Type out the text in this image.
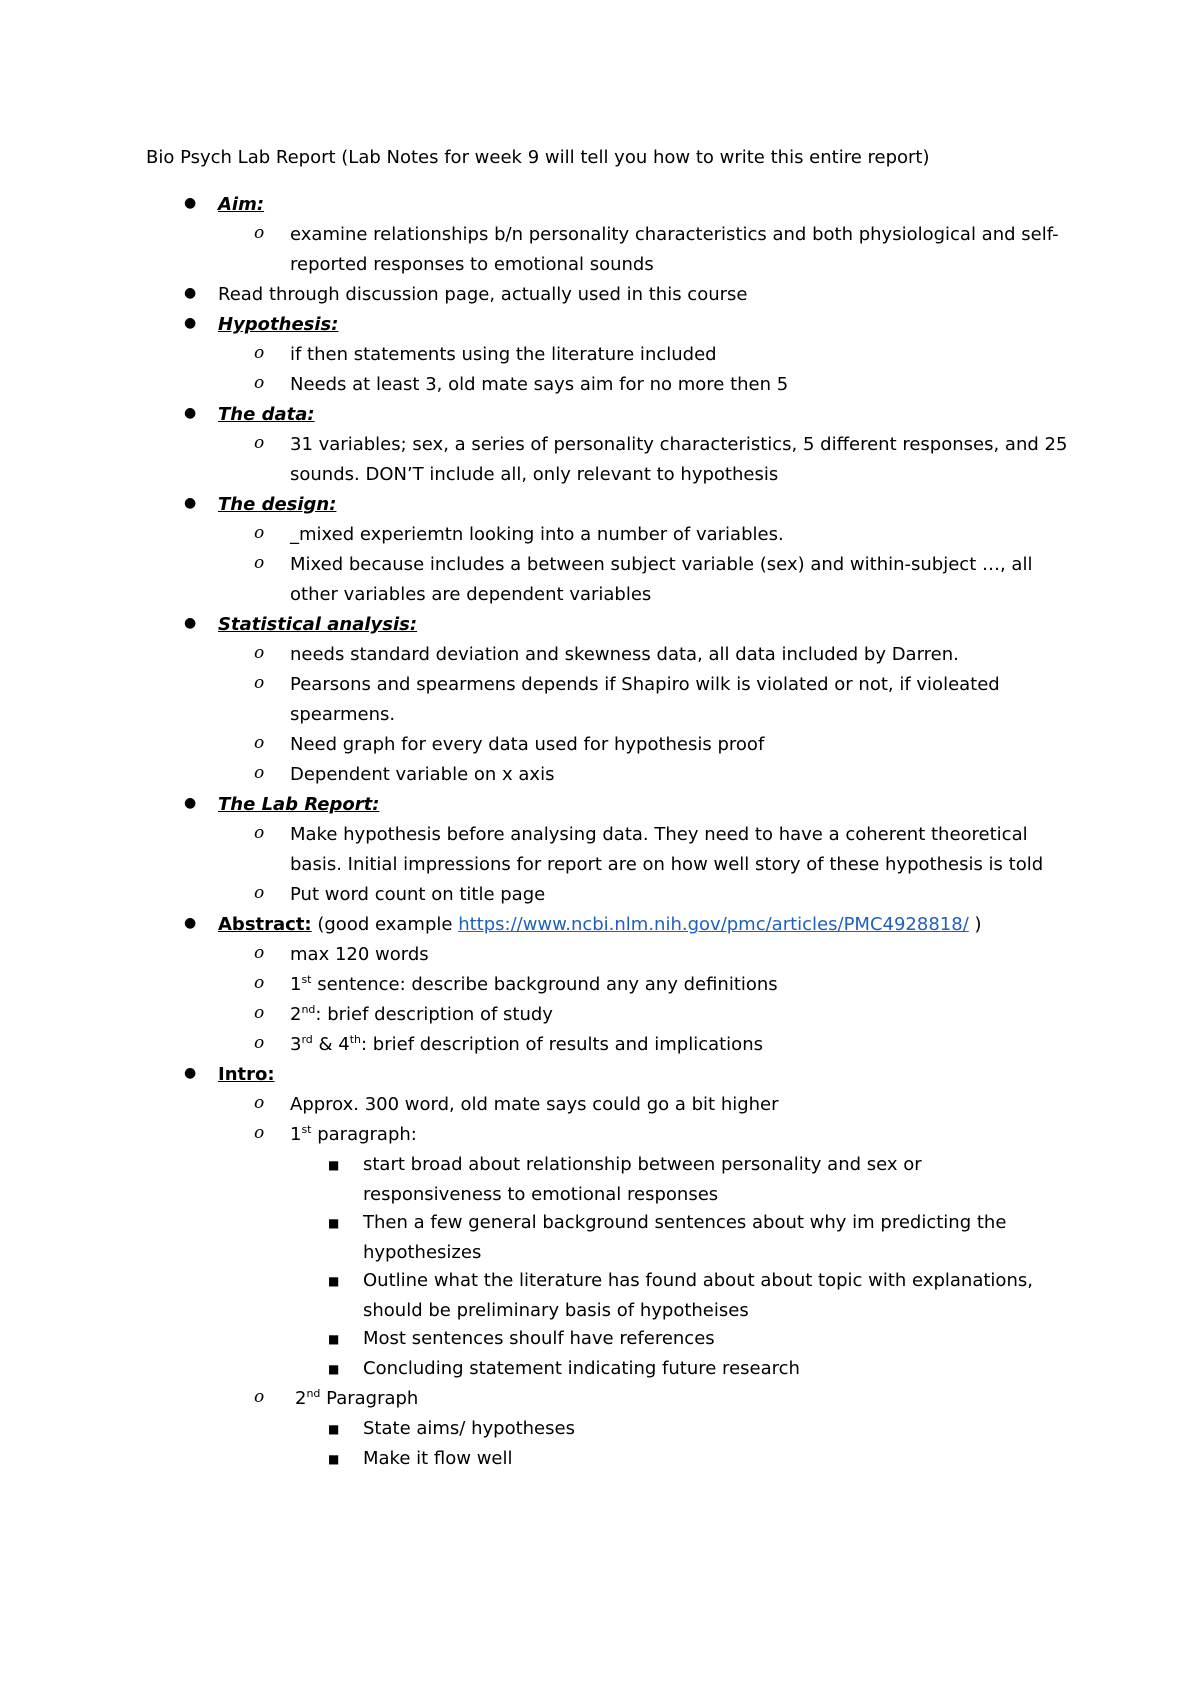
Bio Psych Lab Report (Lab Notes for week 9 will tell you how to write this entire report)
● Aim:
o examine relationships b/n personality characteristics and both physiological and self-
reported responses to emotional sounds
● Read through discussion page, actually used in this course
● Hypothesis:
o if then statements using the literature included
o Needs at least 3, old mate says aim for no more then 5
● The data:
o 31 variables; sex, a series of personality characteristics, 5 different responses, and 25
sounds. DON’T include all, only relevant to hypothesis
● The design:
o _mixed experiemtn looking into a number of variables.
o Mixed because includes a between subject variable (sex) and within-subject …, all
other variables are dependent variables
● Statistical analysis:
o needs standard deviation and skewness data, all data included by Darren.
o Pearsons and spearmens depends if Shapiro wilk is violated or not, if violeated
spearmens.
o Need graph for every data used for hypothesis proof
o Dependent variable on x axis
● The Lab Report:
o Make hypothesis before analysing data. They need to have a coherent theoretical
basis. Initial impressions for report are on how well story of these hypothesis is told
o Put word count on title page
● Abstract: (good example https://www.ncbi.nlm.nih.gov/pmc/articles/PMC4928818/ )
o max 120 words
o 1st sentence: describe background any any definitions
o 2nd: brief description of study
o 3rd & 4th: brief description of results and implications
● Intro:
o Approx. 300 word, old mate says could go a bit higher
o 1st paragraph:
■ start broad about relationship between personality and sex or
responsiveness to emotional responses
■ Then a few general background sentences about why im predicting the
hypothesizes
■ Outline what the literature has found about about topic with explanations,
should be preliminary basis of hypotheises
■ Most sentences shoulf have references
■ Concluding statement indicating future research
o 2nd Paragraph
■ State aims/ hypotheses
■ Make it flow well
